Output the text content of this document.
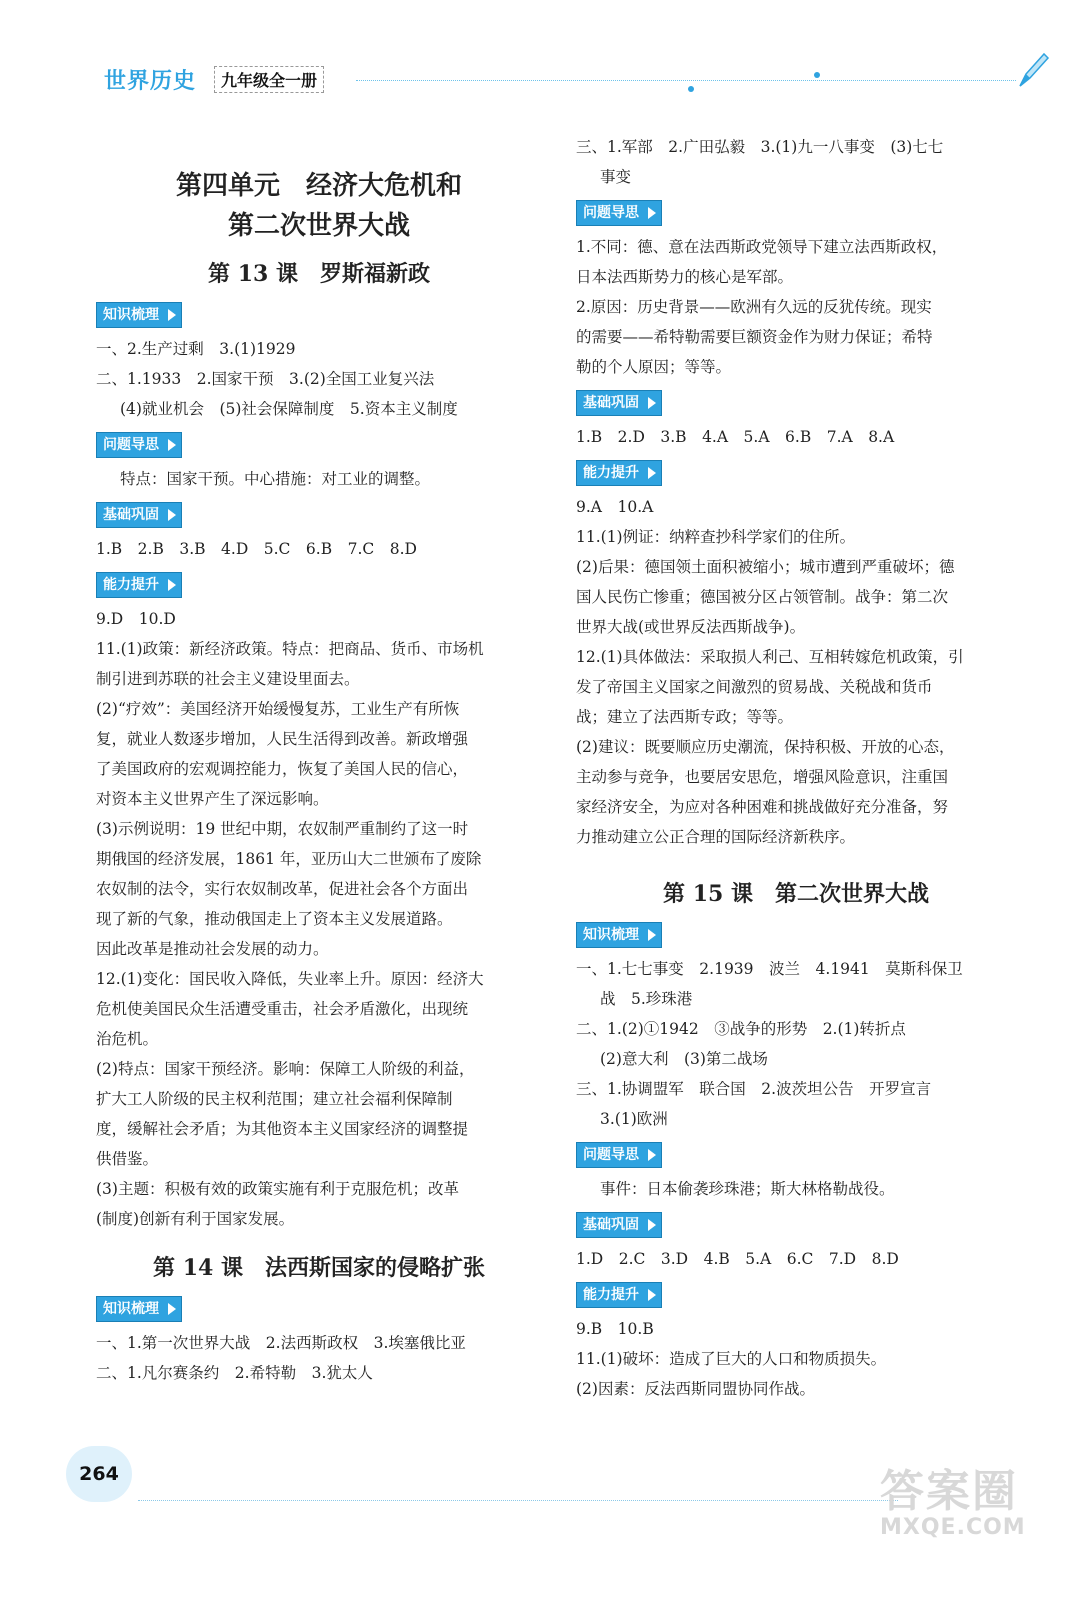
世界历史	九年级全一册
第四单元　经济大危机和
第二次世界大战
第 13 课　罗斯福新政
知识梳理

一、2.生产过剩　3.(1)1929

二、1.1933　2.国家干预　3.(2)全国工业复兴法

(4)就业机会　(5)社会保障制度　5.资本主义制度

问题导思

特点：国家干预。中心措施：对工业的调整。

基础巩固

1.B　2.B　3.B　4.D　5.C　6.B　7.C　8.D

能力提升

9.D　10.D

11.(1)政策：新经济政策。特点：把商品、货币、市场机

制引进到苏联的社会主义建设里面去。

(2)“疗效”：美国经济开始缓慢复苏，工业生产有所恢

复，就业人数逐步增加，人民生活得到改善。新政增强

了美国政府的宏观调控能力，恢复了美国人民的信心，

对资本主义世界产生了深远影响。

(3)示例说明：19 世纪中期，农奴制严重制约了这一时

期俄国的经济发展，1861 年，亚历山大二世颁布了废除

农奴制的法令，实行农奴制改革，促进社会各个方面出

现了新的气象，推动俄国走上了资本主义发展道路。

因此改革是推动社会发展的动力。

12.(1)变化：国民收入降低，失业率上升。原因：经济大

危机使美国民众生活遭受重击，社会矛盾激化，出现统

治危机。

(2)特点：国家干预经济。影响：保障工人阶级的利益，

扩大工人阶级的民主权利范围；建立社会福利保障制

度，缓解社会矛盾；为其他资本主义国家经济的调整提

供借鉴。

(3)主题：积极有效的政策实施有利于克服危机；改革

(制度)创新有利于国家发展。

第 14 课　法西斯国家的侵略扩张
知识梳理

一、1.第一次世界大战　2.法西斯政权　3.埃塞俄比亚

二、1.凡尔赛条约　2.希特勒　3.犹太人

三、1.军部　2.广田弘毅　3.(1)九一八事变　(3)七七

事变

问题导思

1.不同：德、意在法西斯政党领导下建立法西斯政权，

日本法西斯势力的核心是军部。

2.原因：历史背景——欧洲有久远的反犹传统。现实

的需要——希特勒需要巨额资金作为财力保证；希特

勒的个人原因；等等。

基础巩固

1.B　2.D　3.B　4.A　5.A　6.B　7.A　8.A

能力提升

9.A　10.A

11.(1)例证：纳粹查抄科学家们的住所。

(2)后果：德国领土面积被缩小；城市遭到严重破坏；德

国人民伤亡惨重；德国被分区占领管制。战争：第二次

世界大战(或世界反法西斯战争)。

12.(1)具体做法：采取损人利己、互相转嫁危机政策，引

发了帝国主义国家之间激烈的贸易战、关税战和货币

战；建立了法西斯专政；等等。

(2)建议：既要顺应历史潮流，保持积极、开放的心态，

主动参与竞争，也要居安思危，增强风险意识，注重国

家经济安全，为应对各种困难和挑战做好充分准备，努

力推动建立公正合理的国际经济新秩序。

第 15 课　第二次世界大战
知识梳理

一、1.七七事变　2.1939　波兰　4.1941　莫斯科保卫

战　5.珍珠港

二、1.(2)①1942　③战争的形势　2.(1)转折点

(2)意大利　(3)第二战场

三、1.协调盟军　联合国　2.波茨坦公告　开罗宣言

3.(1)欧洲

问题导思

事件：日本偷袭珍珠港；斯大林格勒战役。

基础巩固

1.D　2.C　3.D　4.B　5.A　6.C　7.D　8.D

能力提升

9.B　10.B

11.(1)破坏：造成了巨大的人口和物质损失。

(2)因素：反法西斯同盟协同作战。

264	答案圈
MXQE.COM
